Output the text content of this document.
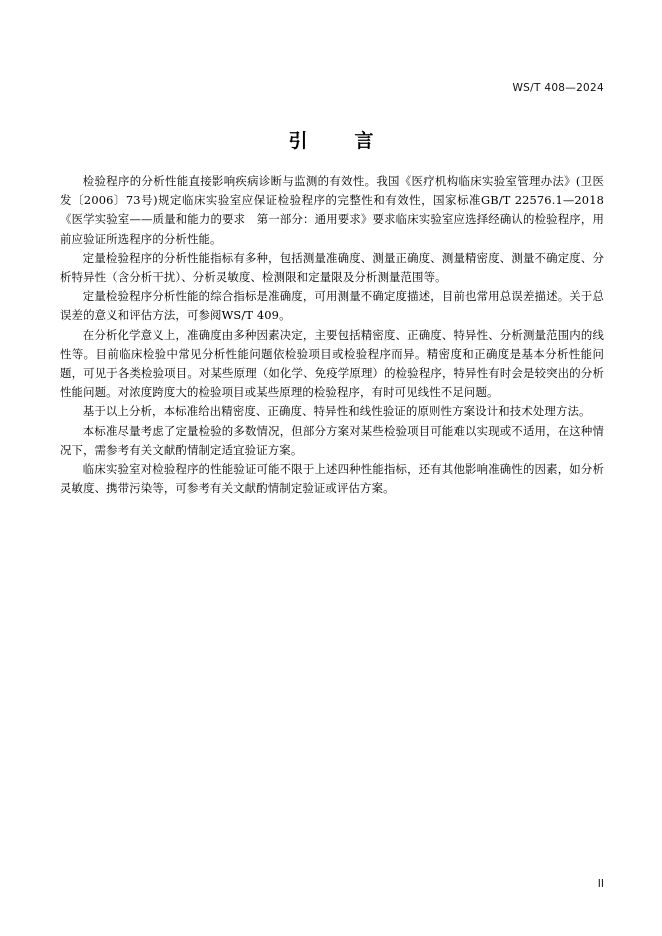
WS/T 408—2024
引　言

检验程序的分析性能直接影响疾病诊断与监测的有效性。我国《医疗机构临床实验室管理办法》(卫医发〔2006〕73号)规定临床实验室应保证检验程序的完整性和有效性，国家标准GB/T 22576.1—2018《医学实验室——质量和能力的要求　第一部分：通用要求》要求临床实验室应选择经确认的检验程序，用前应验证所选程序的分析性能。

定量检验程序的分析性能指标有多种，包括测量准确度、测量正确度、测量精密度、测量不确定度、分析特异性（含分析干扰）、分析灵敏度、检测限和定量限及分析测量范围等。

定量检验程序分析性能的综合指标是准确度，可用测量不确定度描述，目前也常用总误差描述。关于总误差的意义和评估方法，可参阅WS/T 409。

在分析化学意义上，准确度由多种因素决定，主要包括精密度、正确度、特异性、分析测量范围内的线性等。目前临床检验中常见分析性能问题依检验项目或检验程序而异。精密度和正确度是基本分析性能问题，可见于各类检验项目。对某些原理（如化学、免疫学原理）的检验程序，特异性有时会是较突出的分析性能问题。对浓度跨度大的检验项目或某些原理的检验程序，有时可见线性不足问题。

基于以上分析，本标准给出精密度、正确度、特异性和线性验证的原则性方案设计和技术处理方法。

本标准尽量考虑了定量检验的多数情况，但部分方案对某些检验项目可能难以实现或不适用，在这种情况下，需参考有关文献酌情制定适宜验证方案。

临床实验室对检验程序的性能验证可能不限于上述四种性能指标，还有其他影响准确性的因素，如分析灵敏度、携带污染等，可参考有关文献酌情制定验证或评估方案。

II
